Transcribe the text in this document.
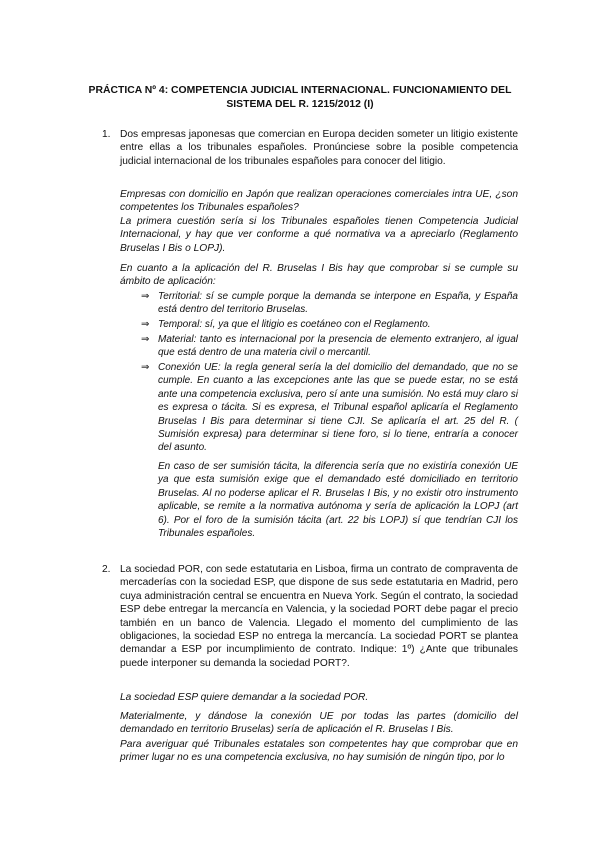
PRÁCTICA Nº 4: COMPETENCIA JUDICIAL INTERNACIONAL. FUNCIONAMIENTO DEL
SISTEMA DEL R. 1215/2012 (I)
1. Dos empresas japonesas que comercian en Europa deciden someter un litigio existente entre ellas a los tribunales españoles. Pronúnciese sobre la posible competencia judicial internacional de los tribunales españoles para conocer del litigio.

Empresas con domicilio en Japón que realizan operaciones comerciales intra UE, ¿son competentes los Tribunales españoles?

La primera cuestión sería si los Tribunales españoles tienen Competencia Judicial Internacional, y hay que ver conforme a qué normativa va a apreciarlo (Reglamento Bruselas I Bis o LOPJ).

En cuanto a la aplicación del R. Bruselas I Bis hay que comprobar si se cumple su ámbito de aplicación:

⇒ Territorial: sí se cumple porque la demanda se interpone en España, y España está dentro del territorio Bruselas.

⇒ Temporal: sí, ya que el litigio es coetáneo con el Reglamento.

⇒ Material: tanto es internacional por la presencia de elemento extranjero, al igual que está dentro de una materia civil o mercantil.

⇒ Conexión UE: la regla general sería la del domicilio del demandado, que no se cumple. En cuanto a las excepciones ante las que se puede estar, no se está ante una competencia exclusiva, pero sí ante una sumisión. No está muy claro si es expresa o tácita. Si es expresa, el Tribunal español aplicaría el Reglamento Bruselas I Bis para determinar si tiene CJI. Se aplicaría el art. 25 del R. ( Sumisión expresa) para determinar si tiene foro, si lo tiene, entraría a conocer del asunto.

En caso de ser sumisión tácita, la diferencia sería que no existiría conexión UE ya que esta sumisión exige que el demandado esté domiciliado en territorio Bruselas. Al no poderse aplicar el R. Bruselas I Bis, y no existir otro instrumento aplicable, se remite a la normativa autónoma y sería de aplicación la LOPJ (art 6). Por el foro de la sumisión tácita (art. 22 bis LOPJ) sí que tendrían CJI los Tribunales españoles.

2. La sociedad POR, con sede estatutaria en Lisboa, firma un contrato de compraventa de mercaderías con la sociedad ESP, que dispone de sus sede estatutaria en Madrid, pero cuya administración central se encuentra en Nueva York. Según el contrato, la sociedad ESP debe entregar la mercancía en Valencia, y la sociedad PORT debe pagar el precio también en un banco de Valencia. Llegado el momento del cumplimiento de las obligaciones, la sociedad ESP no entrega la mercancía. La sociedad PORT se plantea demandar a ESP por incumplimiento de contrato. Indique: 1º) ¿Ante que tribunales puede interponer su demanda la sociedad PORT?.

La sociedad ESP quiere demandar a la sociedad POR.

Materialmente, y dándose la conexión UE por todas las partes (domicilio del demandado en territorio Bruselas) sería de aplicación el R. Bruselas I Bis.

Para averiguar qué Tribunales estatales son competentes hay que comprobar que en primer lugar no es una competencia exclusiva, no hay sumisión de ningún tipo, por lo
